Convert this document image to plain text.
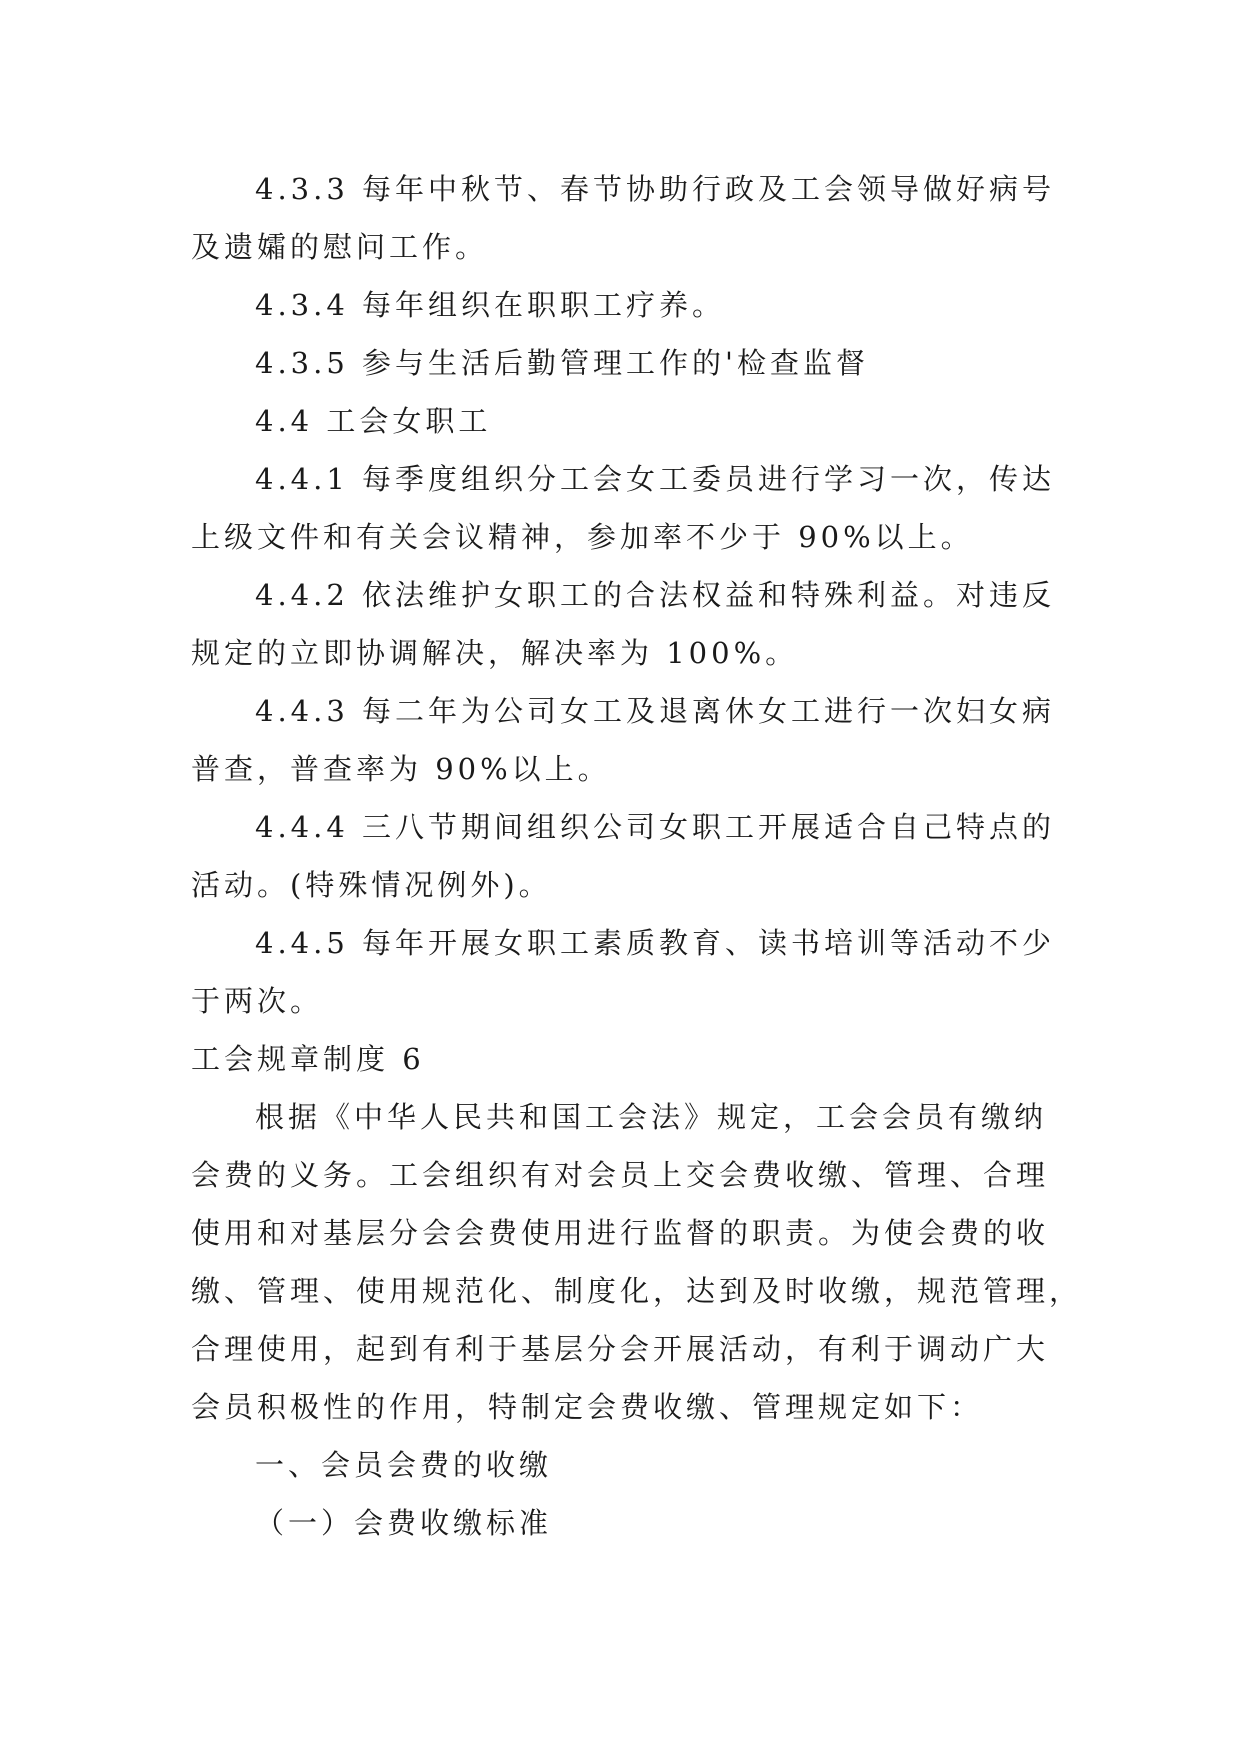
4.3.3 每年中秋节、春节协助行政及工会领导做好病号
及遗孀的慰问工作。
4.3.4 每年组织在职职工疗养。
4.3.5 参与生活后勤管理工作的'检查监督
4.4 工会女职工
4.4.1 每季度组织分工会女工委员进行学习一次，传达
上级文件和有关会议精神，参加率不少于 90%以上。
4.4.2 依法维护女职工的合法权益和特殊利益。对违反
规定的立即协调解决，解决率为 100%。
4.4.3 每二年为公司女工及退离休女工进行一次妇女病
普查，普查率为 90%以上。
4.4.4 三八节期间组织公司女职工开展适合自己特点的
活动。(特殊情况例外)。
4.4.5 每年开展女职工素质教育、读书培训等活动不少
于两次。
工会规章制度 6
根据《中华人民共和国工会法》规定，工会会员有缴纳
会费的义务。工会组织有对会员上交会费收缴、管理、合理
使用和对基层分会会费使用进行监督的职责。为使会费的收
缴、管理、使用规范化、制度化，达到及时收缴，规范管理，
合理使用，起到有利于基层分会开展活动，有利于调动广大
会员积极性的作用，特制定会费收缴、管理规定如下：
一、会员会费的收缴
（一）会费收缴标准
